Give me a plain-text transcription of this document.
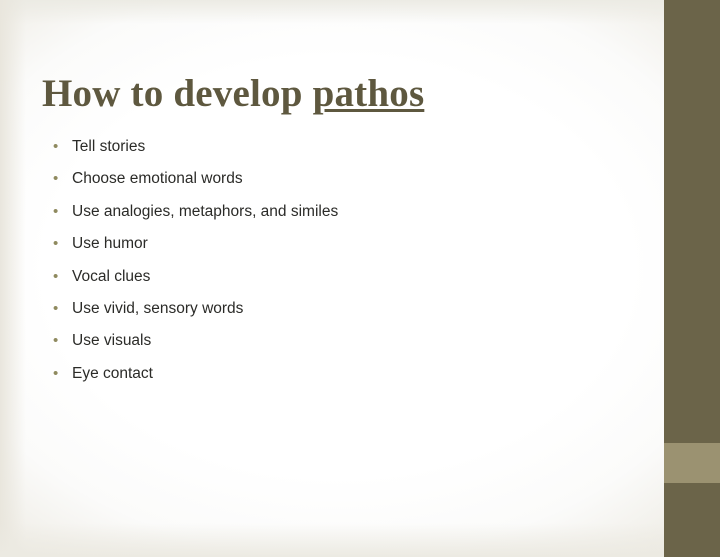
How to develop pathos
• Tell stories
• Choose emotional words
• Use analogies, metaphors, and similes
• Use humor
• Vocal clues
• Use vivid, sensory words
• Use visuals
• Eye contact
